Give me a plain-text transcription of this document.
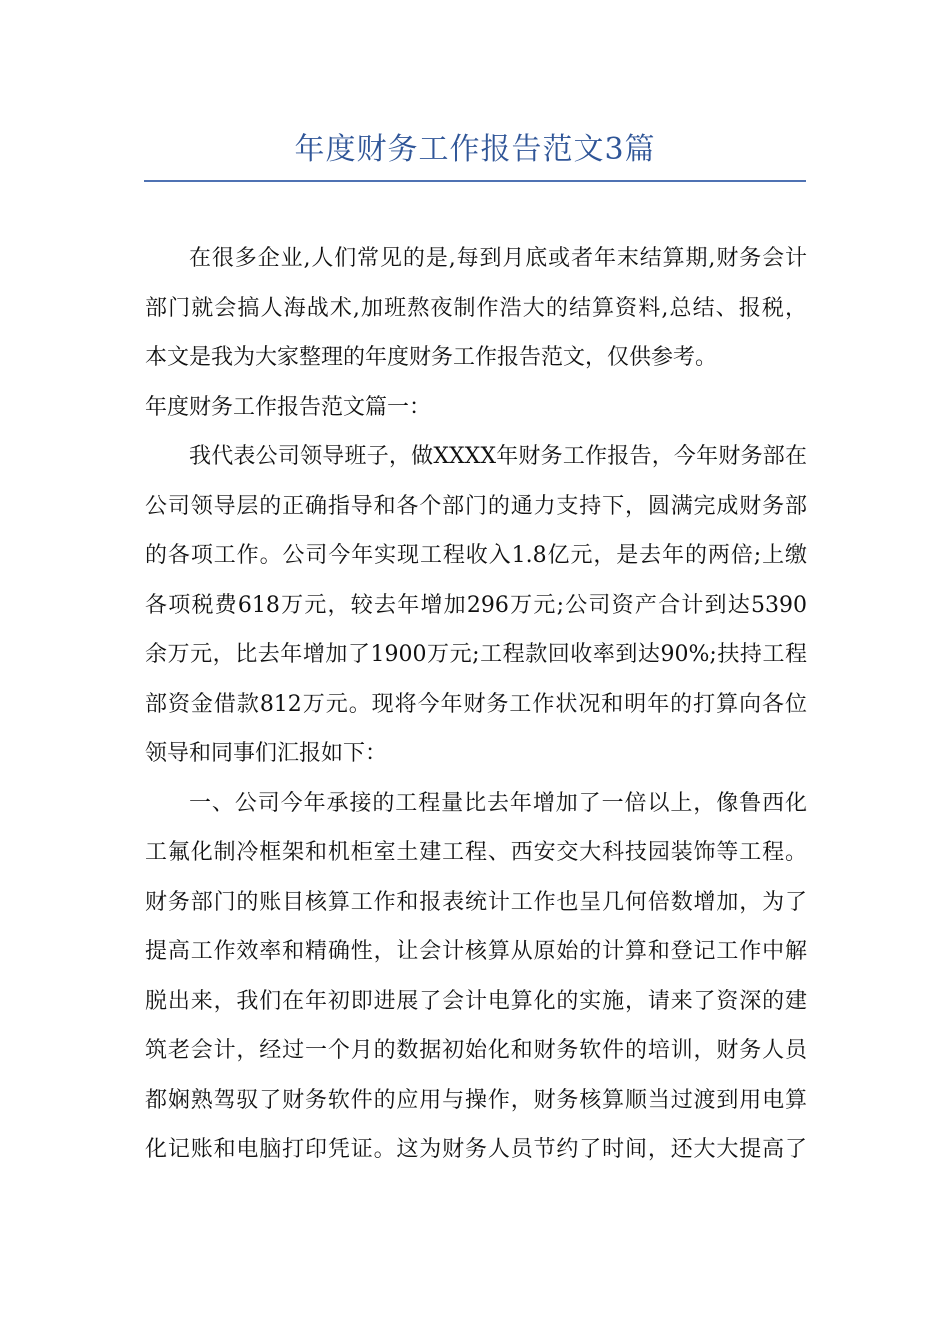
年度财务工作报告范文3篇
在很多企业,人们常见的是,每到月底或者年末结算期,财务会计
部门就会搞人海战术,加班熬夜制作浩大的结算资料,总结、报税，
本文是我为大家整理的年度财务工作报告范文，仅供参考。
年度财务工作报告范文篇一：
我代表公司领导班子，做XXXX年财务工作报告，今年财务部在
公司领导层的正确指导和各个部门的通力支持下，圆满完成财务部
的各项工作。公司今年实现工程收入1.8亿元，是去年的两倍;上缴
各项税费618万元，较去年增加296万元;公司资产合计到达5390
余万元，比去年增加了1900万元;工程款回收率到达90%;扶持工程
部资金借款812万元。现将今年财务工作状况和明年的打算向各位
领导和同事们汇报如下：
一、公司今年承接的工程量比去年增加了一倍以上，像鲁西化
工氟化制冷框架和机柜室土建工程、西安交大科技园装饰等工程。
财务部门的账目核算工作和报表统计工作也呈几何倍数增加，为了
提高工作效率和精确性，让会计核算从原始的计算和登记工作中解
脱出来，我们在年初即进展了会计电算化的实施，请来了资深的建
筑老会计，经过一个月的数据初始化和财务软件的培训，财务人员
都娴熟驾驭了财务软件的应用与操作，财务核算顺当过渡到用电算
化记账和电脑打印凭证。这为财务人员节约了时间，还大大提高了
